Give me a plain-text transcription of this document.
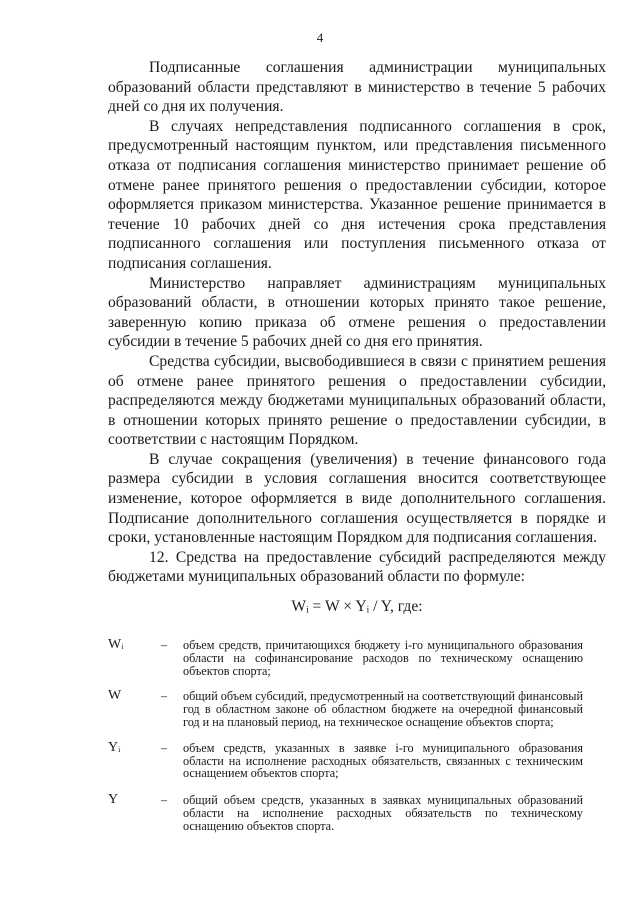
4

Подписанные соглашения администрации муниципальных образований области представляют в министерство в течение 5 рабочих дней со дня их получения.

В случаях непредставления подписанного соглашения в срок, предусмотренный настоящим пунктом, или представления письменного отказа от подписания соглашения министерство принимает решение об отмене ранее принятого решения о предоставлении субсидии, которое оформляется приказом министерства. Указанное решение принимается в течение 10 рабочих дней со дня истечения срока представления подписанного соглашения или поступления письменного отказа от подписания соглашения.

Министерство направляет администрациям муниципальных образований области, в отношении которых принято такое решение, заверенную копию приказа об отмене решения о предоставлении субсидии в течение 5 рабочих дней со дня его принятия.

Средства субсидии, высвободившиеся в связи с принятием решения об отмене ранее принятого решения о предоставлении субсидии, распределяются между бюджетами муниципальных образований области, в отношении которых принято решение о предоставлении субсидии, в соответствии с настоящим Порядком.

В случае сокращения (увеличения) в течение финансового года размера субсидии в условия соглашения вносится соответствующее изменение, которое оформляется в виде дополнительного соглашения. Подписание дополнительного соглашения осуществляется в порядке и сроки, установленные настоящим Порядком для подписания соглашения.

12. Средства на предоставление субсидий распределяются между бюджетами муниципальных образований области по формуле:

Wᵢ = W × Yᵢ / Y, где:
Wᵢ	– объем средств, причитающихся бюджету i-го муниципального образования области на софинансирование расходов по техническому оснащению объектов спорта;
W	– общий объем субсидий, предусмотренный на соответствующий финансовый год в областном законе об областном бюджете на очередной финансовый год и на плановый период, на техническое оснащение объектов спорта;
Yᵢ	– объем средств, указанных в заявке i-го муниципального образования области на исполнение расходных обязательств, связанных с техническим оснащением объектов спорта;
Y	– общий объем средств, указанных в заявках муниципальных образований области на исполнение расходных обязательств по техническому оснащению объектов спорта.
